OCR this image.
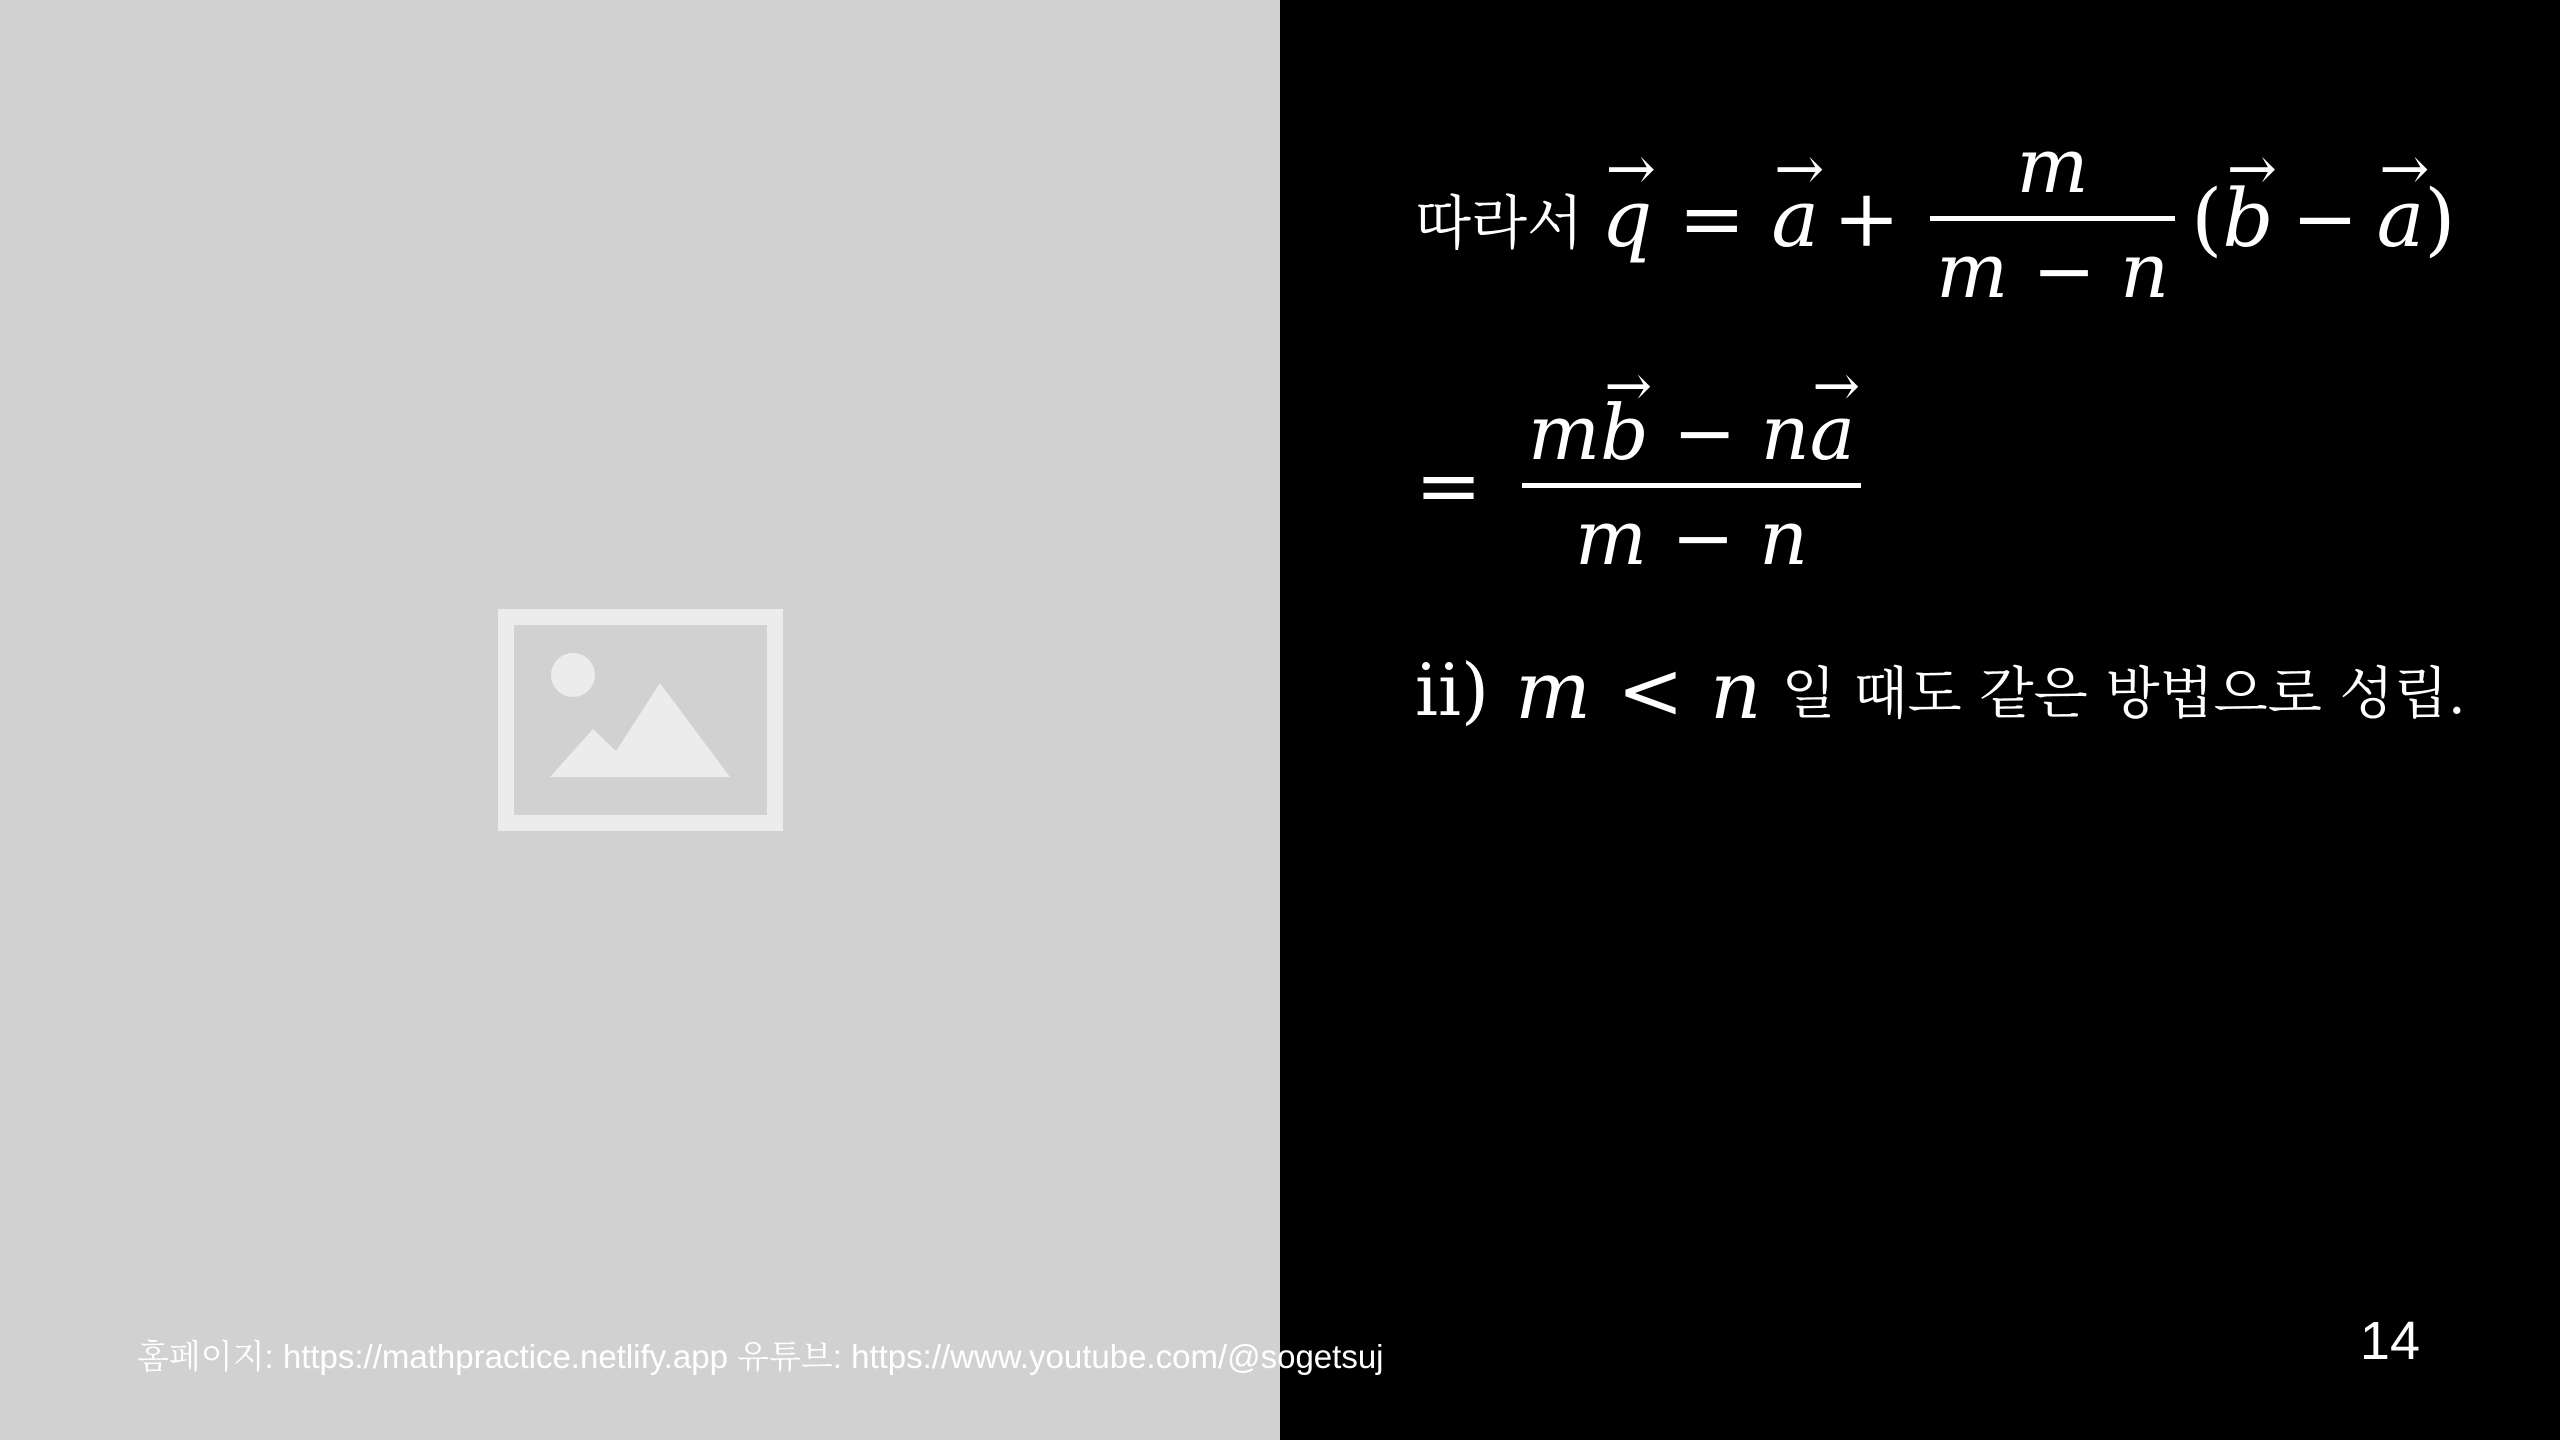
따라서 → q = → a +
m
m − n
( → b − → a )
=
m→ b − n→ a
m − n
ii) m < n 일 때도 같은 방법으로 성립.
홈페이지: https://mathpractice.netlify.app 유튜브: https://www.youtube.com/@sogetsuj	14
